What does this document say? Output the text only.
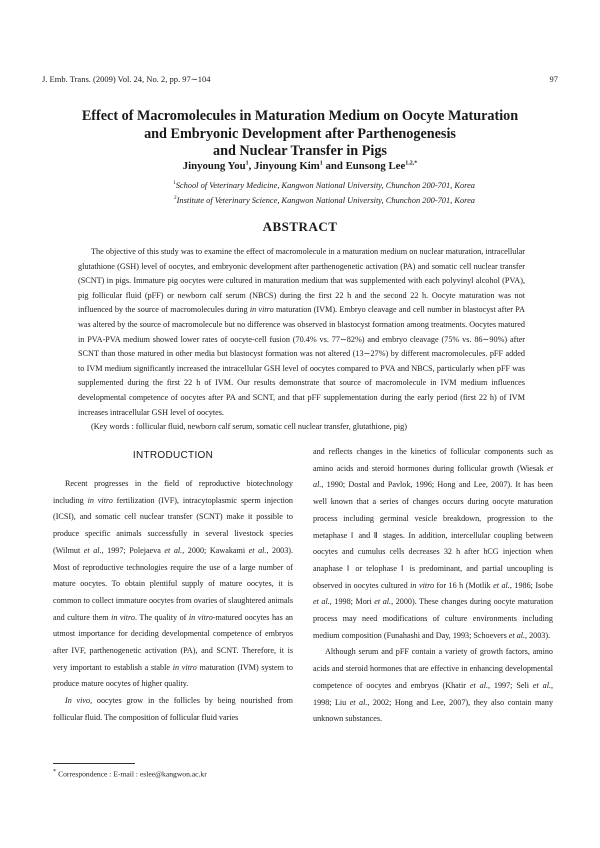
J. Emb. Trans. (2009) Vol. 24, No. 2, pp. 97∼104	97
Effect of Macromolecules in Maturation Medium on Oocyte Maturation
and Embryonic Development after Parthenogenesis
and Nuclear Transfer in Pigs
Jinyoung You$^1$, Jinyoung Kim$^1$ and Eunsong Lee$^{1,2,*}$
$^1$School of Veterinary Medicine, Kangwon National University, Chunchon 200-701, Korea
$^2$Institute of Veterinary Science, Kangwon National University, Chunchon 200-701, Korea
ABSTRACT

The objective of this study was to examine the effect of macromolecule in a maturation medium on nuclear maturation, intracellular glutathione (GSH) level of oocytes, and embryonic development after parthenogenetic activation (PA) and somatic cell nuclear transfer (SCNT) in pigs. Immature pig oocytes were cultured in maturation medium that was supplemented with each polyvinyl alcohol (PVA), pig follicular fluid (pFF) or newborn calf serum (NBCS) during the first 22 h and the second 22 h. Oocyte maturation was not influenced by the source of macromolecules during in vitro maturation (IVM). Embryo cleavage and cell number in blastocyst after PA was altered by the source of macromolecule but no difference was observed in blastocyst formation among treatments. Oocytes matured in PVA-PVA medium showed lower rates of oocyte-cell fusion (70.4% vs. 77∼82%) and embryo cleavage (75% vs. 86∼90%) after SCNT than those matured in other media but blastocyst formation was not altered (13∼27%) by different macromolecules. pFF added to IVM medium significantly increased the intracellular GSH level of oocytes compared to PVA and NBCS, particularly when pFF was supplemented during the first 22 h of IVM. Our results demonstrate that source of macromolecule in IVM medium influences developmental competence of oocytes after PA and SCNT, and that pFF supplementation during the early period (first 22 h) of IVM increases intracellular GSH level of oocytes.

(Key words : follicular fluid, newborn calf serum, somatic cell nuclear transfer, glutathione, pig)

INTRODUCTION

Recent progresses in the field of reproductive biotechnology including in vitro fertilization (IVF), intracytoplasmic sperm injection (ICSI), and somatic cell nuclear transfer (SCNT) make it possible to produce specific animals successfully in several livestock species (Wilmut et al., 1997; Polejaeva et al., 2000; Kawakami et al., 2003). Most of reproductive technologies require the use of a large number of mature oocytes. To obtain plentiful supply of mature oocytes, it is common to collect immature oocytes from ovaries of slaughtered animals and culture them in vitro. The quality of in vitro-matured oocytes has an utmost importance for deciding developmental competence of embryos after IVF, parthenogenetic activation (PA), and SCNT. Therefore, it is very important to establish a stable in vitro maturation (IVM) system to produce mature oocytes of higher quality.

In vivo, oocytes grow in the follicles by being nourished from follicular fluid. The composition of follicular fluid varies

and reflects changes in the kinetics of follicular components such as amino acids and steroid hormones during follicular growth (Wiesak et al., 1990; Dostal and Pavlok, 1996; Hong and Lee, 2007). It has been well known that a series of changes occurs during oocyte maturation process including germinal vesicle breakdown, progression to the metaphase Ⅰ and Ⅱ stages. In addition, intercellular coupling between oocytes and cumulus cells decreases 32 h after hCG injection when anaphase Ⅰ or telophase Ⅰ is predominant, and partial uncoupling is observed in oocytes cultured in vitro for 16 h (Motlik et al., 1986; Isobe et al., 1998; Mori et al., 2000). These changes during oocyte maturation process may need modifications of culture environments including medium composition (Funahashi and Day, 1993; Schoevers et al., 2003).

Although serum and pFF contain a variety of growth factors, amino acids and steroid hormones that are effective in enhancing developmental competence of oocytes and embryos (Khatir et al., 1997; Seli et al., 1998; Liu et al., 2002; Hong and Lee, 2007), they also contain many unknown substances.

* Correspondence : E-mail : eslee@kangwon.ac.kr
